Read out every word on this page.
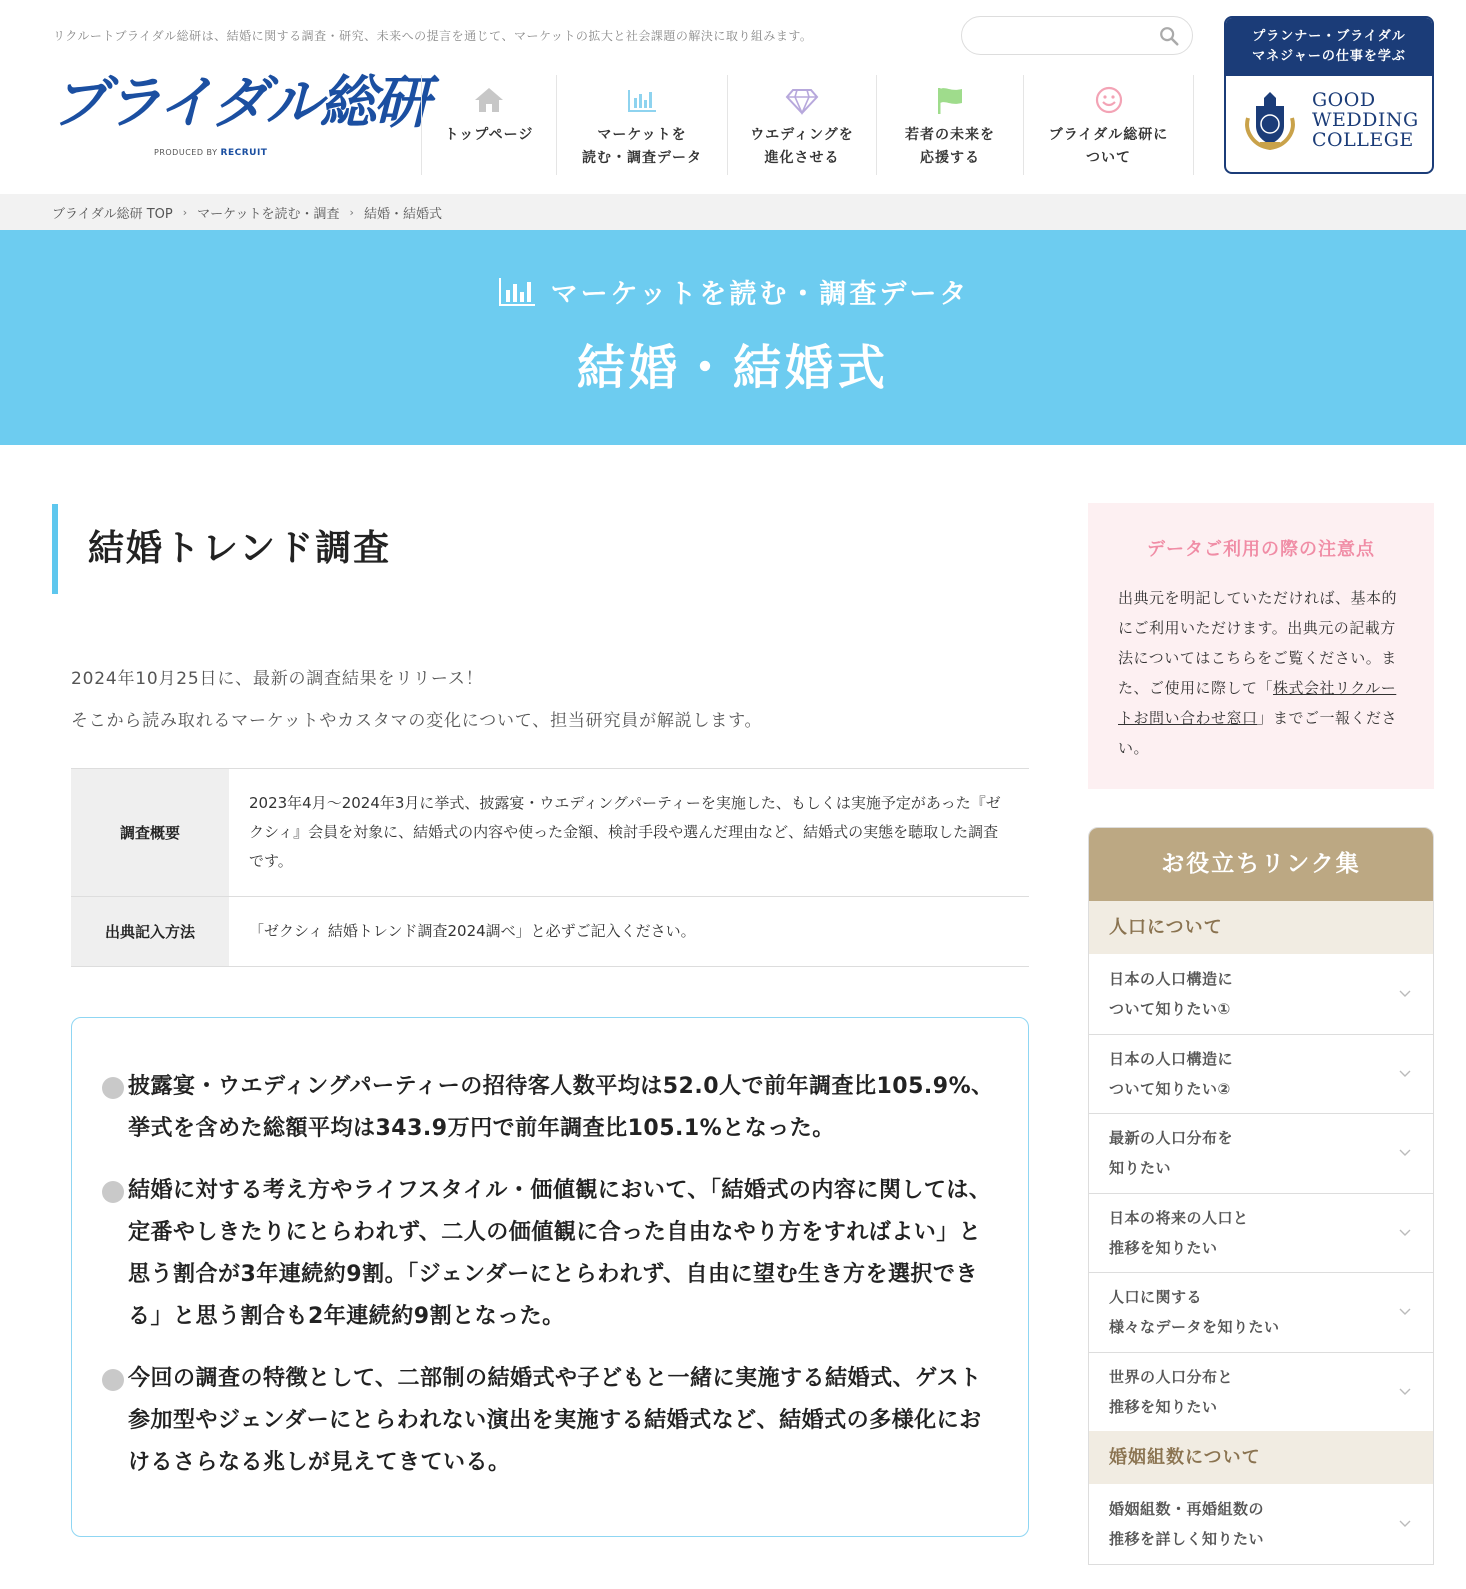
リクルートブライダル総研は、結婚に関する調査・研究、未来への提言を通じて、マーケットの拡大と社会課題の解決に取り組みます。
ブライダル総研
PRODUCED BY RECRUIT
トップページ	マーケットを
読む・調査データ
ウエディングを
進化させる
若者の未来を
応援する
ブライダル総研に
ついて
プランナー・ブライダル
マネジャーの仕事を学ぶ
GOOD
WEDDING
COLLEGE
ブライダル総研 TOP › マーケットを読む・調査 › 結婚・結婚式
マーケットを読む・調査データ
結婚・結婚式
結婚トレンド調査
2024年10月25日に、最新の調査結果をリリース！
そこから読み取れるマーケットやカスタマの変化について、担当研究員が解説します。
調査概要	2023年4月～2024年3月に挙式、披露宴・ウエディングパーティーを実施した、もしくは実施予定があった『ゼクシィ』会員を対象に、結婚式の内容や使った金額、検討手段や選んだ理由など、結婚式の実態を聴取した調査です。
出典記入方法	「ゼクシィ 結婚トレンド調査2024調べ」と必ずご記入ください。

披露宴・ウエディングパーティーの招待客人数平均は52.0人で前年調査比105.9%、挙式を含めた総額平均は343.9万円で前年調査比105.1%となった。

結婚に対する考え方やライフスタイル・価値観において、「結婚式の内容に関しては、定番やしきたりにとらわれず、二人の価値観に合った自由なやり方をすればよい」と思う割合が3年連続約9割。「ジェンダーにとらわれず、自由に望む生き方を選択できる」と思う割合も2年連続約9割となった。

今回の調査の特徴として、二部制の結婚式や子どもと一緒に実施する結婚式、ゲスト参加型やジェンダーにとらわれない演出を実施する結婚式など、結婚式の多様化におけるさらなる兆しが見えてきている。

データご利用の際の注意点
出典元を明記していただければ、基本的にご利用いただけます。出典元の記載方法についてはこちらをご覧ください。また、ご使用に際して「株式会社リクルートお問い合わせ窓口」までご一報ください。
お役立ちリンク集
人口について
日本の人口構造に
ついて知りたい①
日本の人口構造に
ついて知りたい②
最新の人口分布を
知りたい
日本の将来の人口と
推移を知りたい
人口に関する
様々なデータを知りたい
世界の人口分布と
推移を知りたい
婚姻組数について
婚姻組数・再婚組数の
推移を詳しく知りたい
